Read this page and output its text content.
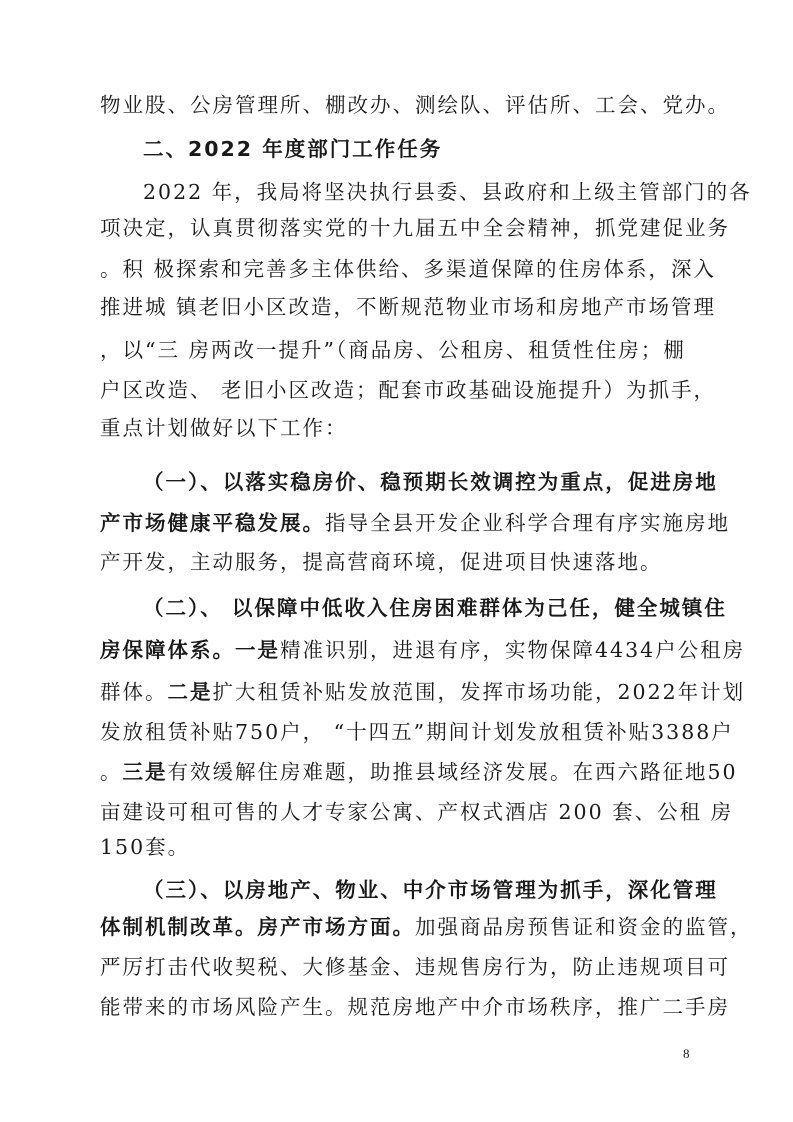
物业股、公房管理所、棚改办、测绘队、评估所、工会、党办。
二、2022 年度部门工作任务
2022 年，我局将坚决执行县委、县政府和上级主管部门的各
项决定，认真贯彻落实党的十九届五中全会精神，抓党建促业务
。积 极探索和完善多主体供给、多渠道保障的住房体系，深入
推进城 镇老旧小区改造，不断规范物业市场和房地产市场管理
，以“三 房两改一提升”（商品房、公租房、租赁性住房；棚
户区改造、 老旧小区改造；配套市政基础设施提升）为抓手，
重点计划做好以下工作：
（一）、以落实稳房价、稳预期长效调控为重点，促进房地
产市场健康平稳发展。指导全县开发企业科学合理有序实施房地
产开发，主动服务，提高营商环境，促进项目快速落地。
（二）、 以保障中低收入住房困难群体为己任，健全城镇住
房保障体系。一是精准识别，进退有序，实物保障4434户公租房
群体。二是扩大租赁补贴发放范围，发挥市场功能，2022年计划
发放租赁补贴750户， “十四五”期间计划发放租赁补贴3388户
。三是有效缓解住房难题，助推县域经济发展。在西六路征地50
亩建设可租可售的人才专家公寓、产权式酒店 200 套、公租 房
150套。
（三）、以房地产、物业、中介市场管理为抓手，深化管理
体制机制改革。房产市场方面。加强商品房预售证和资金的监管，
严厉打击代收契税、大修基金、违规售房行为，防止违规项目可
能带来的市场风险产生。规范房地产中介市场秩序，推广二手房
8
